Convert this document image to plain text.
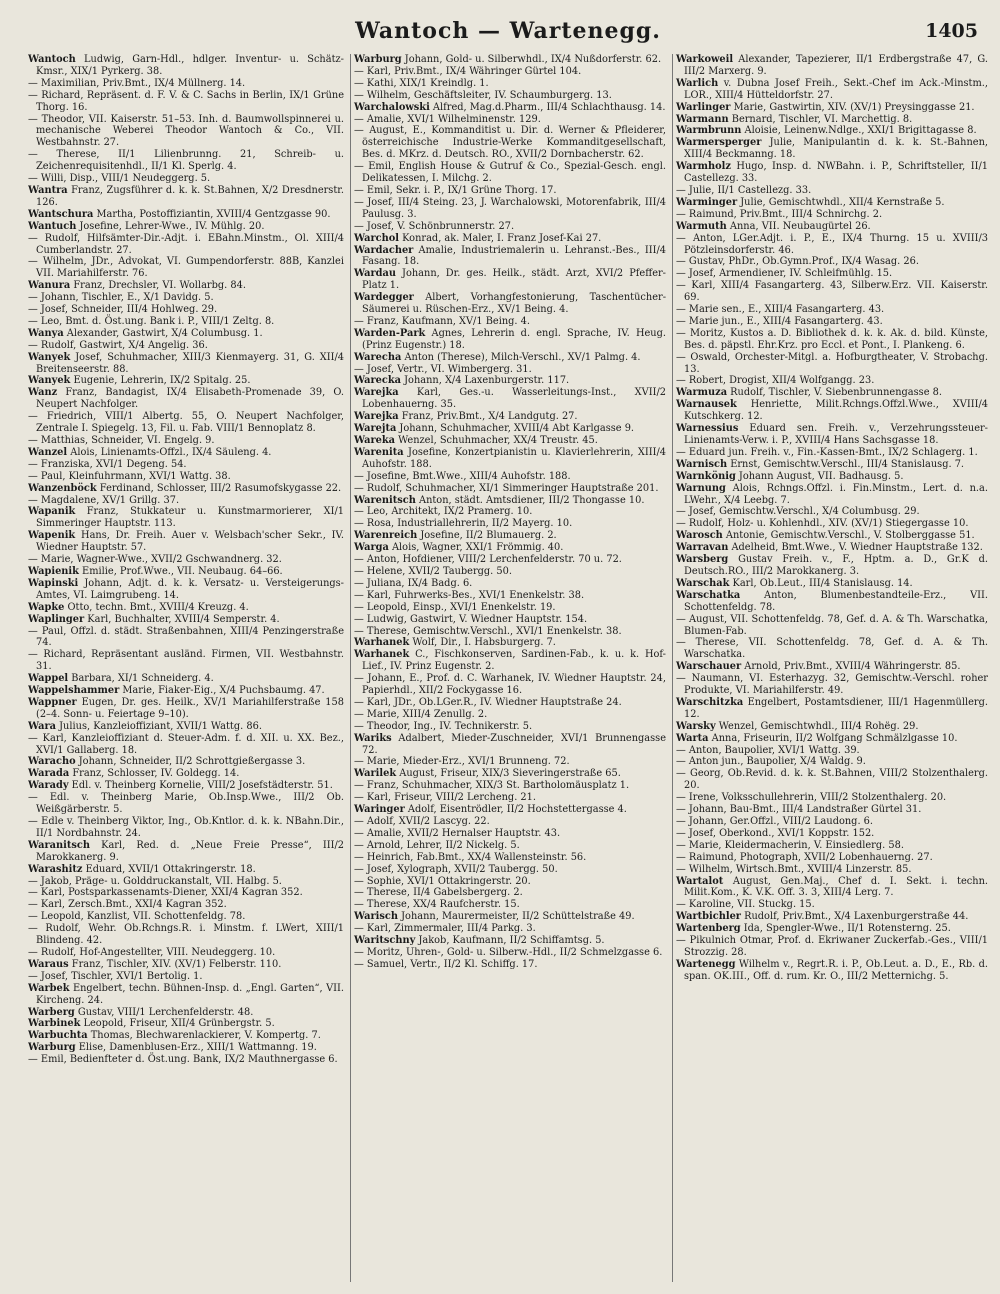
Wantoch — Wartenegg.	1405
Wantoch Ludwig, Garn-Hdl., hdlger. Inventur- u. Schätz-Kmsr., XIX/1 Pyrkerg. 38.
— Maximilian, Priv.Bmt., IX/4 Müllnerg. 14.
— Richard, Repräsent. d. F. V. & C. Sachs in Berlin, IX/1 Grüne Thorg. 16.
— Theodor, VII. Kaiserstr. 51–53. Inh. d. Baumwollspinnerei u. mechanische Weberei Theodor Wantoch & Co., VII. Westbahnstr. 27.
— Therese, II/1 Lilienbrunng. 21, Schreib- u. Zeichenrequisitenhdl., II/1 Kl. Sperlg. 4.
— Willi, Disp., VIII/1 Neudeggerg. 5.
Wantra Franz, Zugsführer d. k. k. St.Bahnen, X/2 Dresdnerstr. 126.
Wantschura Martha, Postoffiziantin, XVIII/4 Gentzgasse 90.
Wantuch Josefine, Lehrer-Wwe., IV. Mühlg. 20.
— Rudolf, Hilfsämter-Dir.-Adjt. i. EBahn.Minstm., Ol. XIII/4 Cumberlandstr. 27.
— Wilhelm, JDr., Advokat, VI. Gumpendorferstr. 88B, Kanzlei VII. Mariahilferstr. 76.
Wanura Franz, Drechsler, VI. Wollarbg. 84.
— Johann, Tischler, E., X/1 Davidg. 5.
— Josef, Schneider, III/4 Hohlweg. 29.
— Leo, Bmt. d. Öst.ung. Bank i. P., VIII/1 Zeltg. 8.
Wanya Alexander, Gastwirt, X/4 Columbusg. 1.
— Rudolf, Gastwirt, X/4 Angelig. 36.
Wanyek Josef, Schuhmacher, XIII/3 Kienmayerg. 31, G. XII/4 Breitenseerstr. 88.
Wanyek Eugenie, Lehrerin, IX/2 Spitalg. 25.
Wanz Franz, Bandagist, IX/4 Elisabeth-Promenade 39, O. Neupert Nachfolger.
— Friedrich, VIII/1 Albertg. 55, O. Neupert Nachfolger, Zentrale I. Spiegelg. 13, Fil. u. Fab. VIII/1 Bennoplatz 8.
— Matthias, Schneider, VI. Engelg. 9.
Wanzel Alois, Linienamts-Offzl., IX/4 Säuleng. 4.
— Franziska, XVI/1 Degeng. 54.
— Paul, Kleinfuhrmann, XVI/1 Wattg. 38.
Wanzenböck Ferdinand, Schlosser, III/2 Rasumofskygasse 22.
— Magdalene, XV/1 Grillg. 37.
Wapanik Franz, Stukkateur u. Kunstmarmorierer, XI/1 Simmeringer Hauptstr. 113.
Wapenik Hans, Dr. Freih. Auer v. Welsbach'scher Sekr., IV. Wiedner Hauptstr. 57.
— Marie, Wagner-Wwe., XVII/2 Gschwandnerg. 32.
Wapienik Emilie, Prof.Wwe., VII. Neubaug. 64–66.
Wapinski Johann, Adjt. d. k. k. Versatz- u. Versteigerungs-Amtes, VI. Laimgrubeng. 14.
Wapke Otto, techn. Bmt., XVIII/4 Kreuzg. 4.
Waplinger Karl, Buchhalter, XVIII/4 Semperstr. 4.
— Paul, Offzl. d. städt. Straßenbahnen, XIII/4 Penzingerstraße 74.
— Richard, Repräsentant ausländ. Firmen, VII. Westbahnstr. 31.
Wappel Barbara, XI/1 Schneiderg. 4.
Wappelshammer Marie, Fiaker-Eig., X/4 Puchsbaumg. 47.
Wappner Eugen, Dr. ges. Heilk., XV/1 Mariahilferstraße 158 (2–4. Sonn- u. Feiertage 9–10).
Wara Julius, Kanzleioffiziant, XVII/1 Wattg. 86.
— Karl, Kanzleioffiziant d. Steuer-Adm. f. d. XII. u. XX. Bez., XVI/1 Gallaberg. 18.
Waracho Johann, Schneider, II/2 Schrottgießergasse 3.
Warada Franz, Schlosser, IV. Goldegg. 14.
Warady Edl. v. Theinberg Kornelie, VIII/2 Josefstädterstr. 51.
— Edl. v. Theinberg Marie, Ob.Insp.Wwe., III/2 Ob. Weißgärberstr. 5.
— Edle v. Theinberg Viktor, Ing., Ob.Kntlor. d. k. k. NBahn.Dir., II/1 Nordbahnstr. 24.
Waranitsch Karl, Red. d. „Neue Freie Presse“, III/2 Marokkanerg. 9.
Warashitz Eduard, XVII/1 Ottakringerstr. 18.
— Jakob, Präge- u. Golddruckanstalt, VII. Halbg. 5.
— Karl, Postsparkassenamts-Diener, XXI/4 Kagran 352.
— Karl, Zersch.Bmt., XXI/4 Kagran 352.
— Leopold, Kanzlist, VII. Schottenfeldg. 78.
— Rudolf, Wehr. Ob.Rchngs.R. i. Minstm. f. LWert, XIII/1 Blindeng. 42.
— Rudolf, Hof-Angestellter, VIII. Neudeggerg. 10.
Waraus Franz, Tischler, XIV. (XV/1) Felberstr. 110.
— Josef, Tischler, XVI/1 Bertolig. 1.
Warbek Engelbert, techn. Bühnen-Insp. d. „Engl. Garten“, VII. Kircheng. 24.
Warberg Gustav, VIII/1 Lerchenfelderstr. 48.
Warbinek Leopold, Friseur, XII/4 Grünbergstr. 5.
Warbuchta Thomas, Blechwarenlackierer, V. Kompertg. 7.
Warburg Elise, Damenblusen-Erz., XIII/1 Wattmanng. 19.
— Emil, Bedienfteter d. Öst.ung. Bank, IX/2 Mauthnergasse 6.
Warburg Johann, Gold- u. Silberwhdl., IX/4 Nußdorferstr. 62.
— Karl, Priv.Bmt., IX/4 Währinger Gürtel 104.
— Kathi, XIX/1 Kreindlg. 1.
— Wilhelm, Geschäftsleiter, IV. Schaumburgerg. 13.
Warchalowski Alfred, Mag.d.Pharm., III/4 Schlachthausg. 14.
— Amalie, XVI/1 Wilhelminenstr. 129.
— August, E., Kommanditist u. Dir. d. Werner & Pfleiderer, österreichische Industrie-Werke Kommanditgesellschaft, Bes. d. MKrz. d. Deutsch. RO., XVII/2 Dornbacherstr. 62.
— Emil, English House & Gutruf & Co., Spezial-Gesch. engl. Delikatessen, I. Milchg. 2.
— Emil, Sekr. i. P., IX/1 Grüne Thorg. 17.
— Josef, III/4 Steing. 23, J. Warchalowski, Motorenfabrik, III/4 Paulusg. 3.
— Josef, V. Schönbrunnerstr. 27.
Warchol Konrad, ak. Maler, I. Franz Josef-Kai 27.
Wardacher Amalie, Industriemalerin u. Lehranst.-Bes., III/4 Fasang. 18.
Wardau Johann, Dr. ges. Heilk., städt. Arzt, XVI/2 Pfeffer-Platz 1.
Wardegger Albert, Vorhangfestonierung, Taschentücher-Säumerei u. Rüschen-Erz., XV/1 Being. 4.
— Franz, Kaufmann, XV/1 Being. 4.
Warden-Park Agnes, Lehrerin d. engl. Sprache, IV. Heug. (Prinz Eugenstr.) 18.
Warecha Anton (Therese), Milch-Verschl., XV/1 Palmg. 4.
— Josef, Vertr., VI. Wimbergerg. 31.
Warecka Johann, X/4 Laxenburgerstr. 117.
Warejka Karl, Ges.-u. Wasserleitungs-Inst., XVII/2 Lobenhauerng. 35.
Warejka Franz, Priv.Bmt., X/4 Landgutg. 27.
Warejta Johann, Schuhmacher, XVIII/4 Abt Karlgasse 9.
Wareka Wenzel, Schuhmacher, XX/4 Treustr. 45.
Warenita Josefine, Konzertpianistin u. Klavierlehrerin, XIII/4 Auhofstr. 188.
— Josefine, Bmt.Wwe., XIII/4 Auhofstr. 188.
— Rudolf, Schuhmacher, XI/1 Simmeringer Hauptstraße 201.
Warenitsch Anton, städt. Amtsdiener, III/2 Thongasse 10.
— Leo, Architekt, IX/2 Pramerg. 10.
— Rosa, Industriallehrerin, II/2 Mayerg. 10.
Warenreich Josefine, II/2 Blumauerg. 2.
Warga Alois, Wagner, XXI/1 Frömmig. 40.
— Anton, Hofdiener, VIII/2 Lerchenfelderstr. 70 u. 72.
— Helene, XVII/2 Taubergg. 50.
— Juliana, IX/4 Badg. 6.
— Karl, Fuhrwerks-Bes., XVI/1 Enenkelstr. 38.
— Leopold, Einsp., XVI/1 Enenkelstr. 19.
— Ludwig, Gastwirt, V. Wiedner Hauptstr. 154.
— Therese, Gemischtw.Verschl., XVI/1 Enenkelstr. 38.
Warhanek Wolf, Dir., I. Habsburgerg. 7.
Warhanek C., Fischkonserven, Sardinen-Fab., k. u. k. Hof-Lief., IV. Prinz Eugenstr. 2.
— Johann, E., Prof. d. C. Warhanek, IV. Wiedner Hauptstr. 24, Papierhdl., XII/2 Fockygasse 16.
— Karl, JDr., Ob.LGer.R., IV. Wiedner Hauptstraße 24.
— Marie, XIII/4 Zenullg. 2.
— Theodor, Ing., IV. Technikerstr. 5.
Wariks Adalbert, Mieder-Zuschneider, XVI/1 Brunnengasse 72.
— Marie, Mieder-Erz., XVI/1 Brunneng. 72.
Warilek August, Friseur, XIX/3 Sieveringerstraße 65.
— Franz, Schuhmacher, XIX/3 St. Bartholomäusplatz 1.
— Karl, Friseur, VIII/2 Lercheng. 21.
Waringer Adolf, Eisentrödler, II/2 Hochstettergasse 4.
— Adolf, XVII/2 Lascyg. 22.
— Amalie, XVII/2 Hernalser Hauptstr. 43.
— Arnold, Lehrer, II/2 Nickelg. 5.
— Heinrich, Fab.Bmt., XX/4 Wallensteinstr. 56.
— Josef, Xylograph, XVII/2 Taubergg. 50.
— Sophie, XVI/1 Ottakringerstr. 20.
— Therese, II/4 Gabelsbergerg. 2.
— Therese, XX/4 Raufcherstr. 15.
Warisch Johann, Maurermeister, II/2 Schüttelstraße 49.
— Karl, Zimmermaler, III/4 Parkg. 3.
Waritschny Jakob, Kaufmann, II/2 Schiffamtsg. 5.
— Moritz, Uhren-, Gold- u. Silberw.-Hdl., II/2 Schmelzgasse 6.
— Samuel, Vertr., II/2 Kl. Schiffg. 17.
Warkoweil Alexander, Tapezierer, II/1 Erdbergstraße 47, G. III/2 Marxerg. 9.
Warlich v. Dubna Josef Freih., Sekt.-Chef im Ack.-Minstm., LOR., XIII/4 Hütteldorfstr. 27.
Warlinger Marie, Gastwirtin, XIV. (XV/1) Preysinggasse 21.
Warmann Bernard, Tischler, VI. Marchettig. 8.
Warmbrunn Aloisie, Leinenw.Ndlge., XXI/1 Brigittagasse 8.
Warmersperger Julie, Manipulantin d. k. k. St.-Bahnen, XIII/4 Beckmanng. 18.
Warmholz Hugo, Insp. d. NWBahn. i. P., Schriftsteller, II/1 Castellezg. 33.
— Julie, II/1 Castellezg. 33.
Warminger Julie, Gemischtwhdl., XII/4 Kernstraße 5.
— Raimund, Priv.Bmt., III/4 Schnirchg. 2.
Warmuth Anna, VII. Neubaugürtel 26.
— Anton, LGer.Adjt. i. P., E., IX/4 Thurng. 15 u. XVIII/3 Pötzleinsdorferstr. 46.
— Gustav, PhDr., Ob.Gymn.Prof., IX/4 Wasag. 26.
— Josef, Armendiener, IV. Schleifmühlg. 15.
— Karl, XIII/4 Fasangarterg. 43, Silberw.Erz. VII. Kaiserstr. 69.
— Marie sen., E., XIII/4 Fasangarterg. 43.
— Marie jun., E., XIII/4 Fasangarterg. 43.
— Moritz, Kustos a. D. Bibliothek d. k. k. Ak. d. bild. Künste, Bes. d. päpstl. Ehr.Krz. pro Eccl. et Pont., I. Plankeng. 6.
— Oswald, Orchester-Mitgl. a. Hofburgtheater, V. Strobachg. 13.
— Robert, Drogist, XII/4 Wolfgangg. 23.
Warmuza Rudolf, Tischler, V. Siebenbrunnengasse 8.
Warnausek Henriette, Milit.Rchngs.Offzl.Wwe., XVIII/4 Kutschkerg. 12.
Warnessius Eduard sen. Freih. v., Verzehrungssteuer-Linienamts-Verw. i. P., XVIII/4 Hans Sachsgasse 18.
— Eduard jun. Freih. v., Fin.-Kassen-Bmt., IX/2 Schlagerg. 1.
Warnisch Ernst, Gemischtw.Verschl., III/4 Stanislausg. 7.
Warnkönig Johann August, VII. Badhausg. 5.
Warnung Alois, Rchngs.Offzl. i. Fin.Minstm., Lert. d. n.a. LWehr., X/4 Leebg. 7.
— Josef, Gemischtw.Verschl., X/4 Columbusg. 29.
— Rudolf, Holz- u. Kohlenhdl., XIV. (XV/1) Stiegergasse 10.
Warosch Antonie, Gemischtw.Verschl., V. Stolberggasse 51.
Warravan Adelheid, Bmt.Wwe., V. Wiedner Hauptstraße 132.
Warsberg Gustav Freih. v., F., Hptm. a. D., Gr.K d. Deutsch.RO., III/2 Marokkanerg. 3.
Warschak Karl, Ob.Leut., III/4 Stanislausg. 14.
Warschatka Anton, Blumenbestandteile-Erz., VII. Schottenfeldg. 78.
— August, VII. Schottenfeldg. 78, Gef. d. A. & Th. Warschatka, Blumen-Fab.
— Therese, VII. Schottenfeldg. 78, Gef. d. A. & Th. Warschatka.
Warschauer Arnold, Priv.Bmt., XVIII/4 Währingerstr. 85.
— Naumann, VI. Esterhazyg. 32, Gemischtw.-Verschl. roher Produkte, VI. Mariahilferstr. 49.
Warschitzka Engelbert, Postamtsdiener, III/1 Hagenmüllerg. 12.
Warsky Wenzel, Gemischtwhdl., III/4 Rohëg. 29.
Warta Anna, Friseurin, II/2 Wolfgang Schmälzlgasse 10.
— Anton, Baupolier, XVI/1 Wattg. 39.
— Anton jun., Baupolier, X/4 Waldg. 9.
— Georg, Ob.Revid. d. k. k. St.Bahnen, VIII/2 Stolzenthalerg. 20.
— Irene, Volksschullehrerin, VIII/2 Stolzenthalerg. 20.
— Johann, Bau-Bmt., III/4 Landstraßer Gürtel 31.
— Johann, Ger.Offzl., VIII/2 Laudong. 6.
— Josef, Oberkond., XVI/1 Koppstr. 152.
— Marie, Kleidermacherin, V. Einsiedlerg. 58.
— Raimund, Photograph, XVII/2 Lobenhauerng. 27.
— Wilhelm, Wirtsch.Bmt., XVIII/4 Linzerstr. 85.
Wartalot August, Gen.Maj., Chef d. I. Sekt. i. techn. Milit.Kom., K. V.K. Off. 3. 3, XIII/4 Lerg. 7.
— Karoline, VII. Stuckg. 15.
Wartbichler Rudolf, Priv.Bmt., X/4 Laxenburgerstraße 44.
Wartenberg Ida, Spengler-Wwe., II/1 Rotensterng. 25.
— Pikulnich Otmar, Prof. d. Ekriwaner Zuckerfab.-Ges., VIII/1 Strozzig. 28.
Wartenegg Wilhelm v., Regrt.R. i. P., Ob.Leut. a. D., E., Rb. d. span. OK.III., Off. d. rum. Kr. O., III/2 Metternichg. 5.
